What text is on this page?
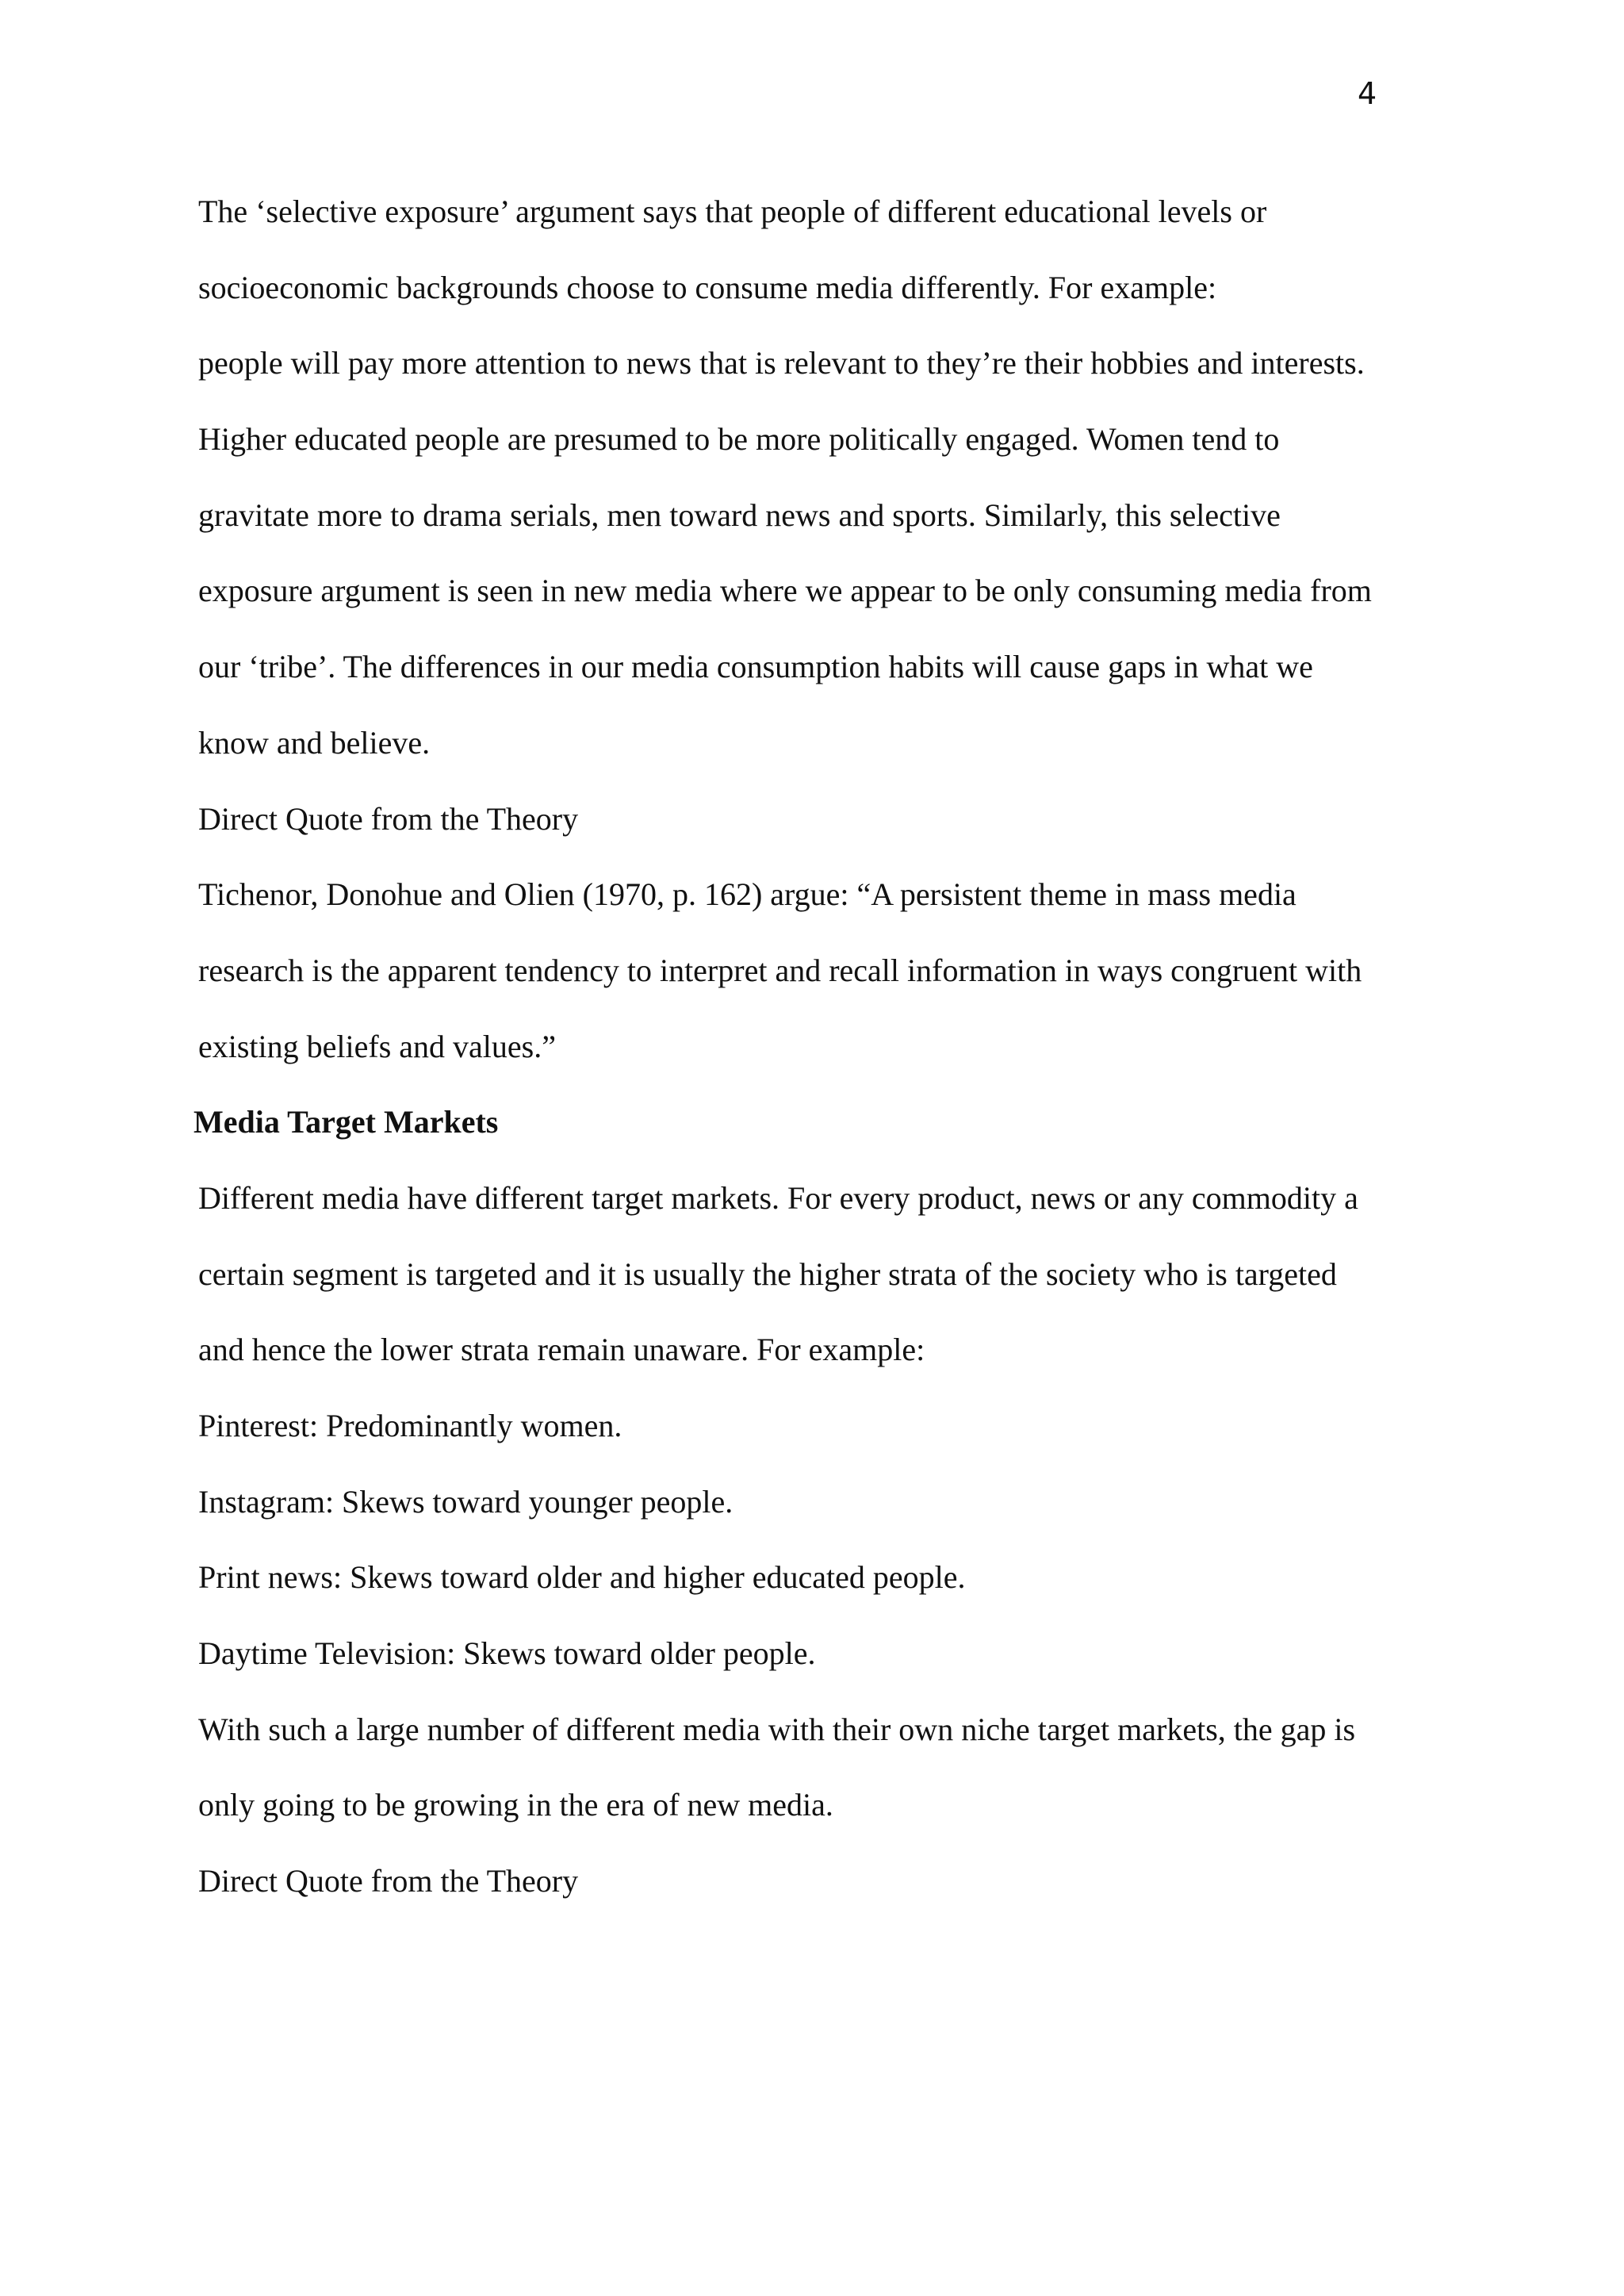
4

The ‘selective exposure’ argument says that people of different educational levels or

socioeconomic backgrounds choose to consume media differently. For example:

people will pay more attention to news that is relevant to they’re their hobbies and interests.

Higher educated people are presumed to be more politically engaged. Women tend to

gravitate more to drama serials, men toward news and sports. Similarly, this selective

exposure argument is seen in new media where we appear to be only consuming media from

our ‘tribe’. The differences in our media consumption habits will cause gaps in what we

know and believe.

Direct Quote from the Theory

Tichenor, Donohue and Olien (1970, p. 162) argue: “A persistent theme in mass media

research is the apparent tendency to interpret and recall information in ways congruent with

existing beliefs and values.”

Media Target Markets

Different media have different target markets. For every product, news or any commodity a

certain segment is targeted and it is usually the higher strata of the society who is targeted

and hence the lower strata remain unaware. For example:

Pinterest: Predominantly women.

Instagram: Skews toward younger people.

Print news: Skews toward older and higher educated people.

Daytime Television: Skews toward older people.

With such a large number of different media with their own niche target markets, the gap is

only going to be growing in the era of new media.

Direct Quote from the Theory
